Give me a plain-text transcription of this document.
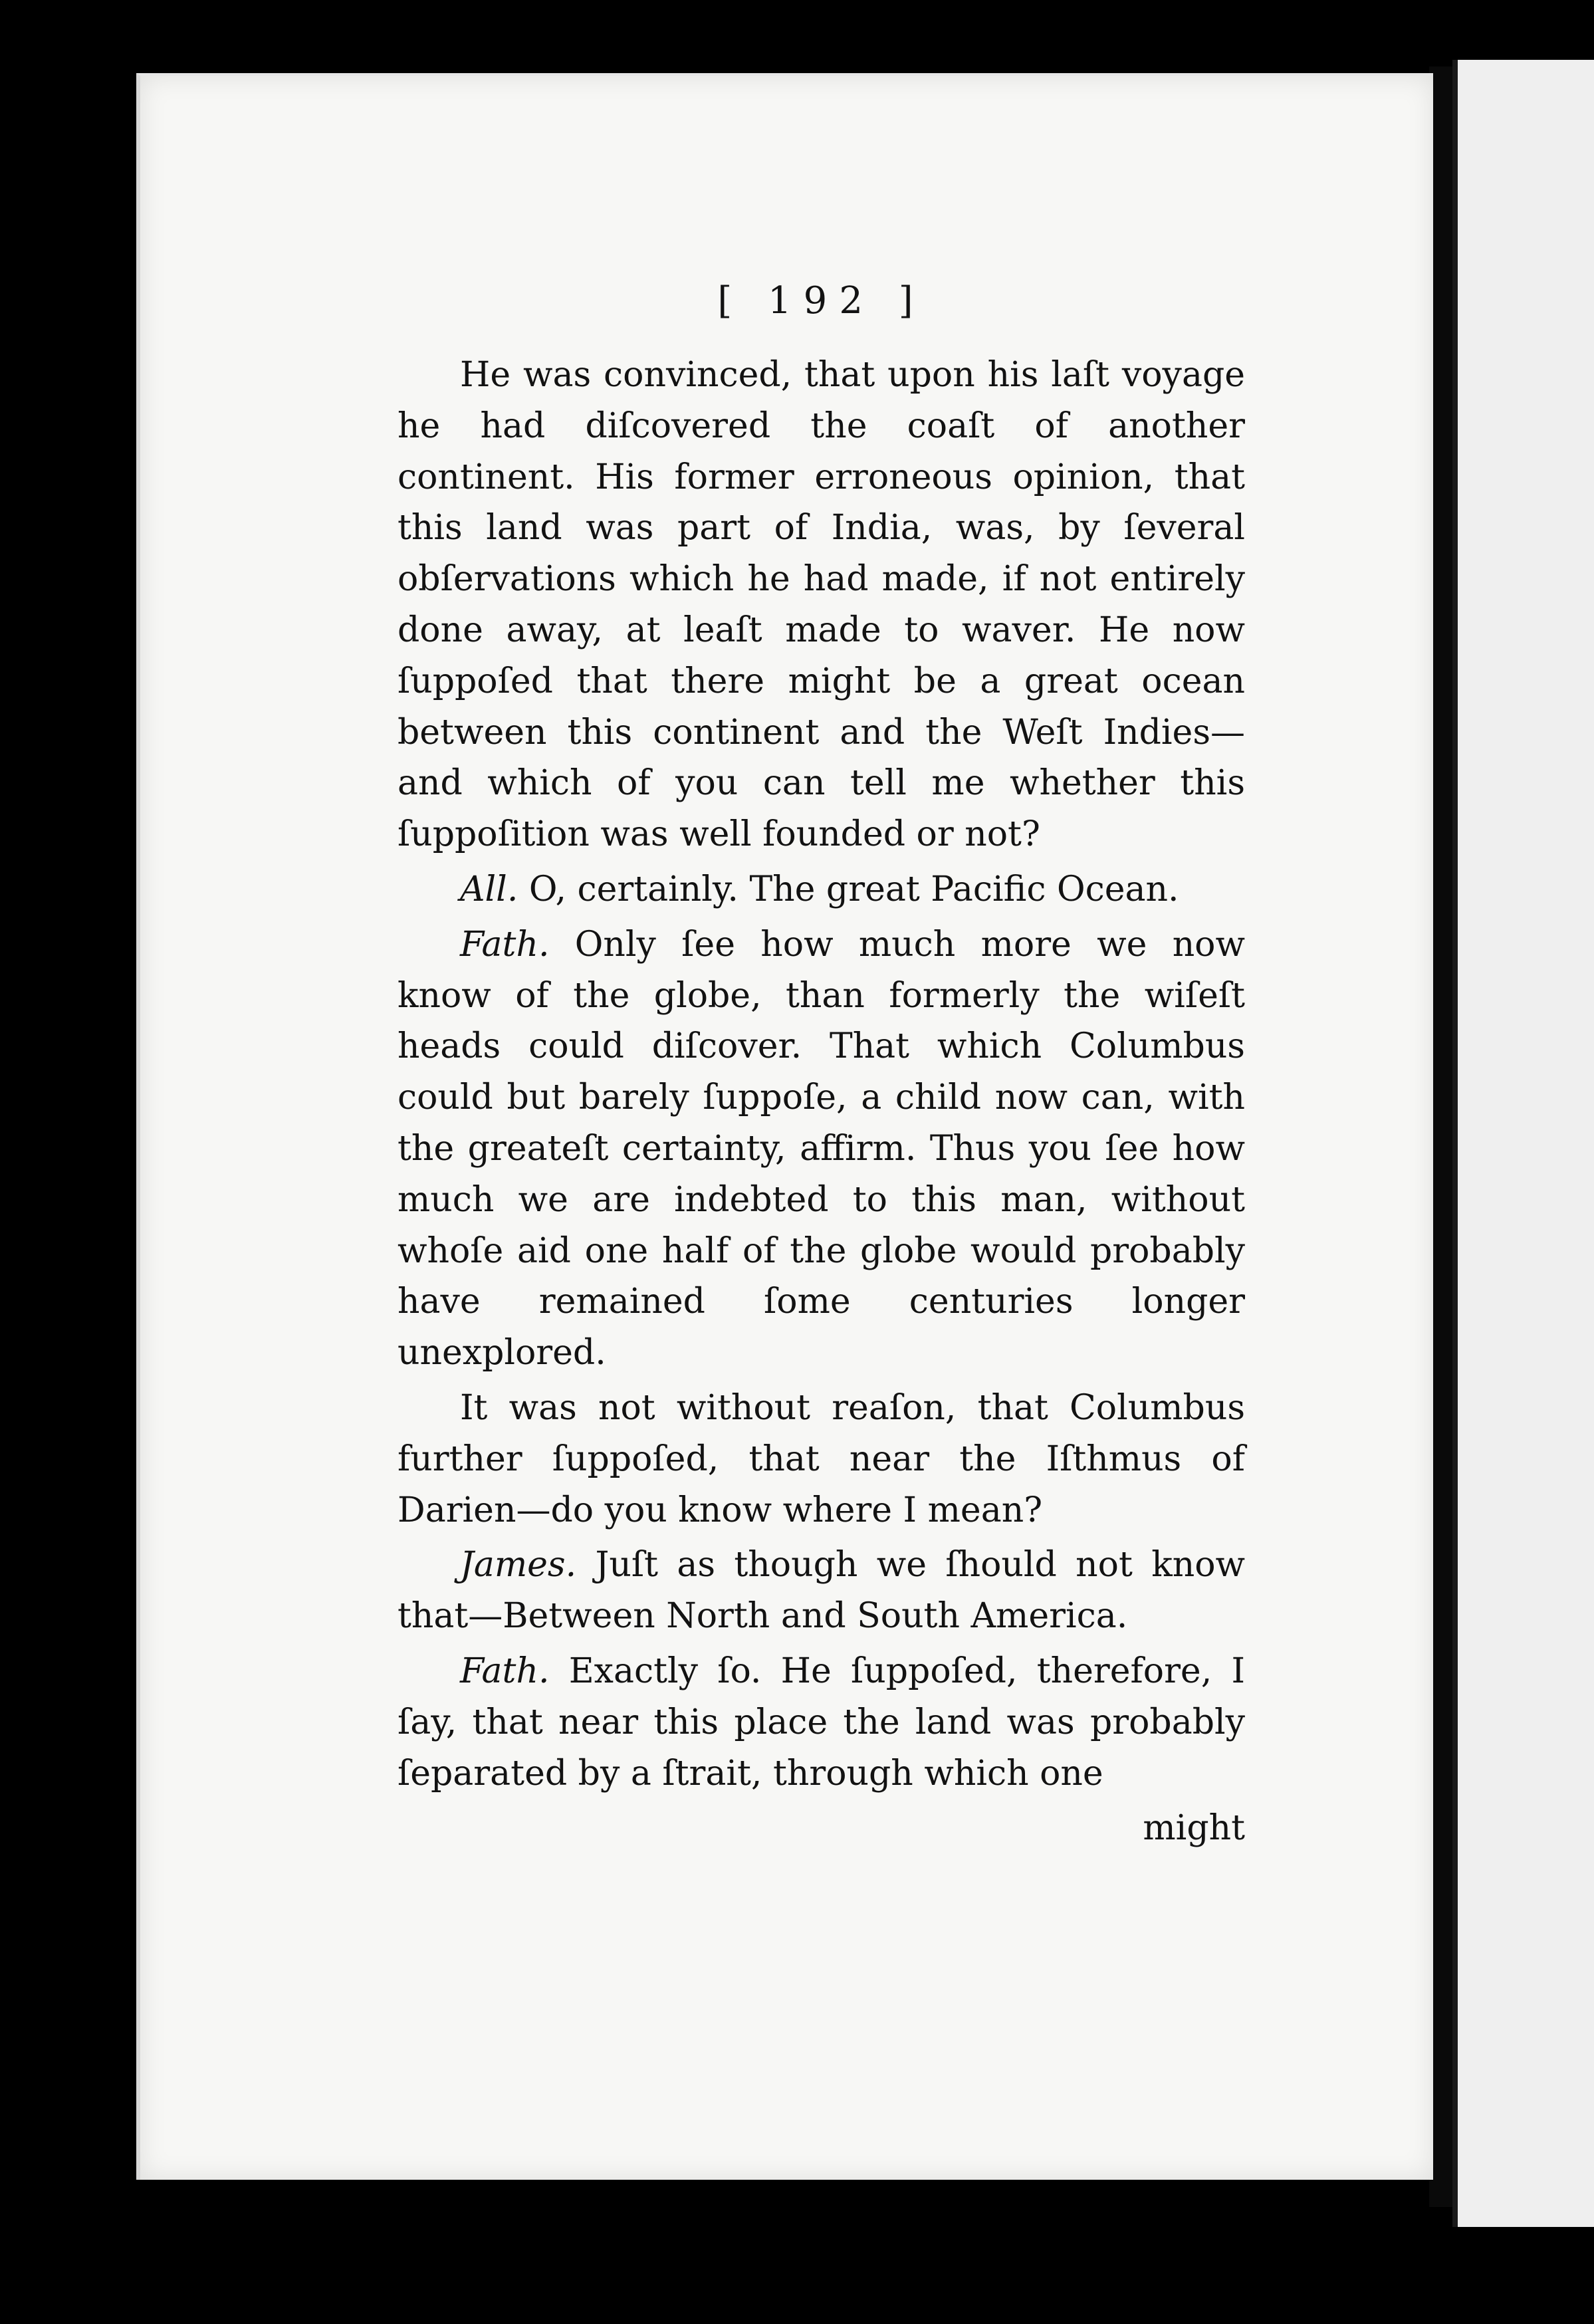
[ 192 ]

He was convinced, that upon his laſt voyage he had diſcovered the coaſt of another continent. His former erroneous opinion, that this land was part of India, was, by ſeveral obſervations which he had made, if not entirely done away, at leaſt made to waver. He now ſuppoſed that there might be a great ocean between this continent and the Weſt Indies—and which of you can tell me whether this ſuppoſition was well founded or not?

All. O, certainly. The great Pacific Ocean.

Fath. Only ſee how much more we now know of the globe, than formerly the wiſeſt heads could diſcover. That which Columbus could but barely ſuppoſe, a child now can, with the greateſt certainty, affirm. Thus you ſee how much we are indebted to this man, without whoſe aid one half of the globe would probably have remained ſome centuries longer unexplored.

It was not without reaſon, that Columbus further ſuppoſed, that near the Iſthmus of Darien—do you know where I mean?

James. Juſt as though we ſhould not know that—Between North and South America.

Fath. Exactly ſo. He ſuppoſed, therefore, I ſay, that near this place the land was probably ſeparated by a ſtrait, through which one

might
